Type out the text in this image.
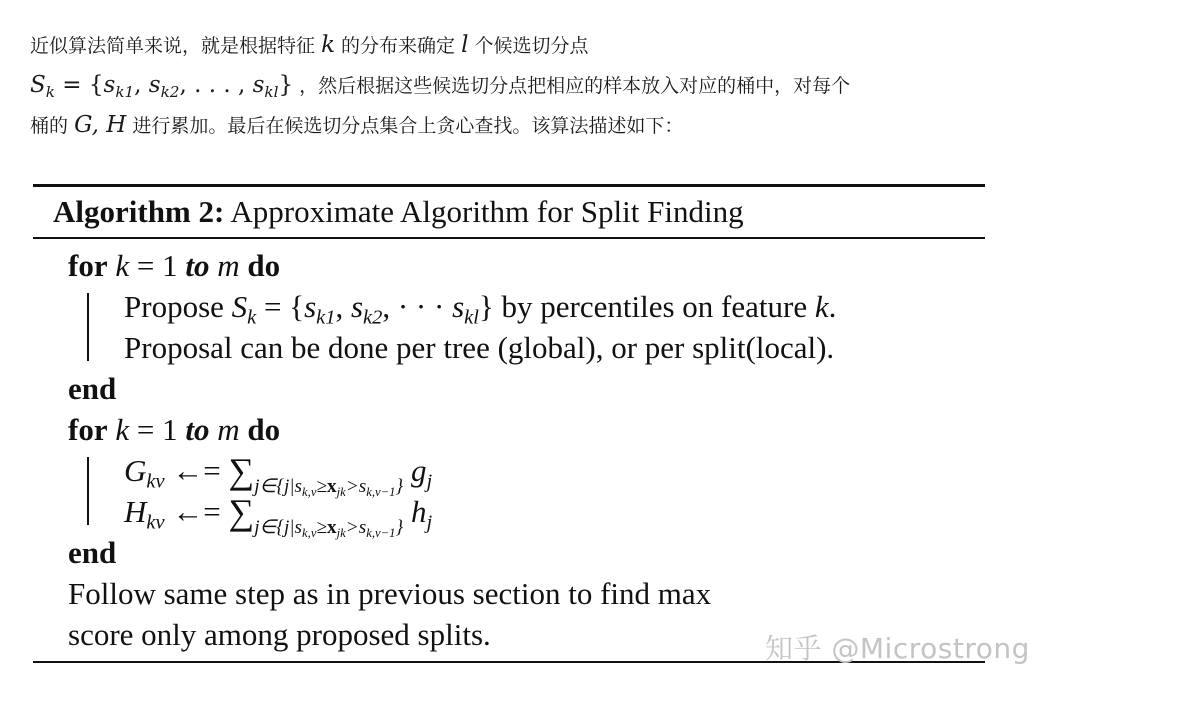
近似算法简单来说，就是根据特征 k 的分布来确定 l 个候选切分点
$S_k = \{s_{k1}$, $s_{k2}$, . . . , $s_{kl}$} ，然后根据这些候选切分点把相应的样本放入对应的桶中，对每个
桶的 G, H 进行累加。最后在候选切分点集合上贪心查找。该算法描述如下：
Algorithm 2: Approximate Algorithm for Split Finding
for k = 1 to m do
Propose $S_k = \{s_{k1}$, $s_{k2}$, · · · $s_{kl}$} by percentiles on feature k.
Proposal can be done per tree (global), or per split(local).
end
for k = 1 to m do
$G_{kv}$ ←= $\sum_{j\in\{j|s_{k,v}\ge x_{jk}>s_{k,v-1}\}}$ $g_j$
$H_{kv}$ ←= $\sum_{j\in\{j|s_{k,v}\ge x_{jk}>s_{k,v-1}\}}$ $h_j$
end
Follow same step as in previous section to find max
score only among proposed splits.	知乎 @Microstrong
